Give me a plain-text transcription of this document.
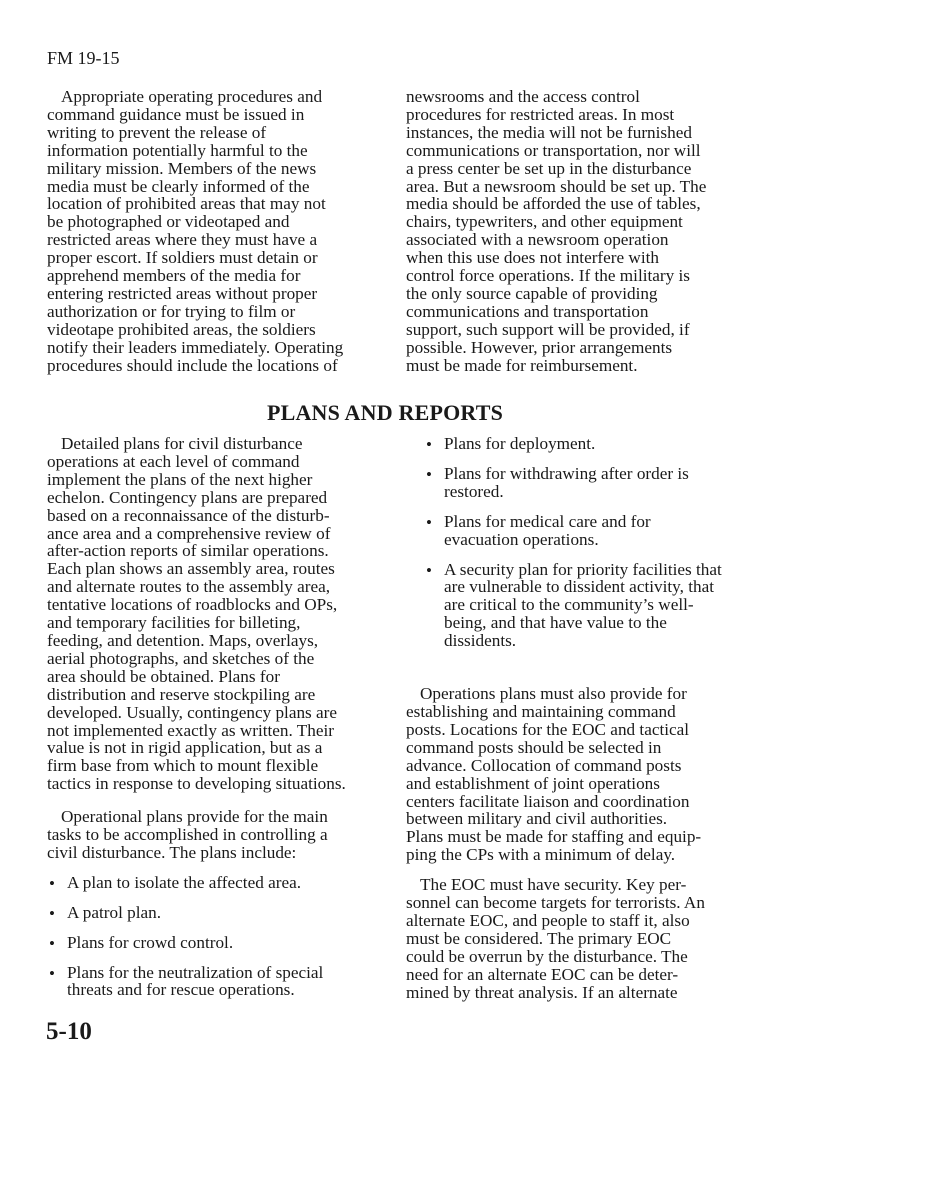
FM 19-15
Appropriate operating procedures and
command guidance must be issued in
writing to prevent the release of
information potentially harmful to the
military mission. Members of the news
media must be clearly informed of the
location of prohibited areas that may not
be photographed or videotaped and
restricted areas where they must have a
proper escort. If soldiers must detain or
apprehend members of the media for
entering restricted areas without proper
authorization or for trying to film or
videotape prohibited areas, the soldiers
notify their leaders immediately. Operating
procedures should include the locations of
newsrooms and the access control
procedures for restricted areas. In most
instances, the media will not be furnished
communications or transportation, nor will
a press center be set up in the disturbance
area. But a newsroom should be set up. The
media should be afforded the use of tables,
chairs, typewriters, and other equipment
associated with a newsroom operation
when this use does not interfere with
control force operations. If the military is
the only source capable of providing
communications and transportation
support, such support will be provided, if
possible. However, prior arrangements
must be made for reimbursement.
PLANS AND REPORTS
Detailed plans for civil disturbance
operations at each level of command
implement the plans of the next higher
echelon. Contingency plans are prepared
based on a reconnaissance of the disturb-
ance area and a comprehensive review of
after-action reports of similar operations.
Each plan shows an assembly area, routes
and alternate routes to the assembly area,
tentative locations of roadblocks and OPs,
and temporary facilities for billeting,
feeding, and detention. Maps, overlays,
aerial photographs, and sketches of the
area should be obtained. Plans for
distribution and reserve stockpiling are
developed. Usually, contingency plans are
not implemented exactly as written. Their
value is not in rigid application, but as a
firm base from which to mount flexible
tactics in response to developing situations.
Operational plans provide for the main
tasks to be accomplished in controlling a
civil disturbance. The plans include:
• A plan to isolate the affected area.
• A patrol plan.
• Plans for crowd control.
• Plans for the neutralization of special
threats and for rescue operations.
• Plans for deployment.
• Plans for withdrawing after order is
restored.
• Plans for medical care and for
evacuation operations.
• A security plan for priority facilities that
are vulnerable to dissident activity, that
are critical to the community’s well-
being, and that have value to the
dissidents.
Operations plans must also provide for
establishing and maintaining command
posts. Locations for the EOC and tactical
command posts should be selected in
advance. Collocation of command posts
and establishment of joint operations
centers facilitate liaison and coordination
between military and civil authorities.
Plans must be made for staffing and equip-
ping the CPs with a minimum of delay.
The EOC must have security. Key per-
sonnel can become targets for terrorists. An
alternate EOC, and people to staff it, also
must be considered. The primary EOC
could be overrun by the disturbance. The
need for an alternate EOC can be deter-
mined by threat analysis. If an alternate
5-10
